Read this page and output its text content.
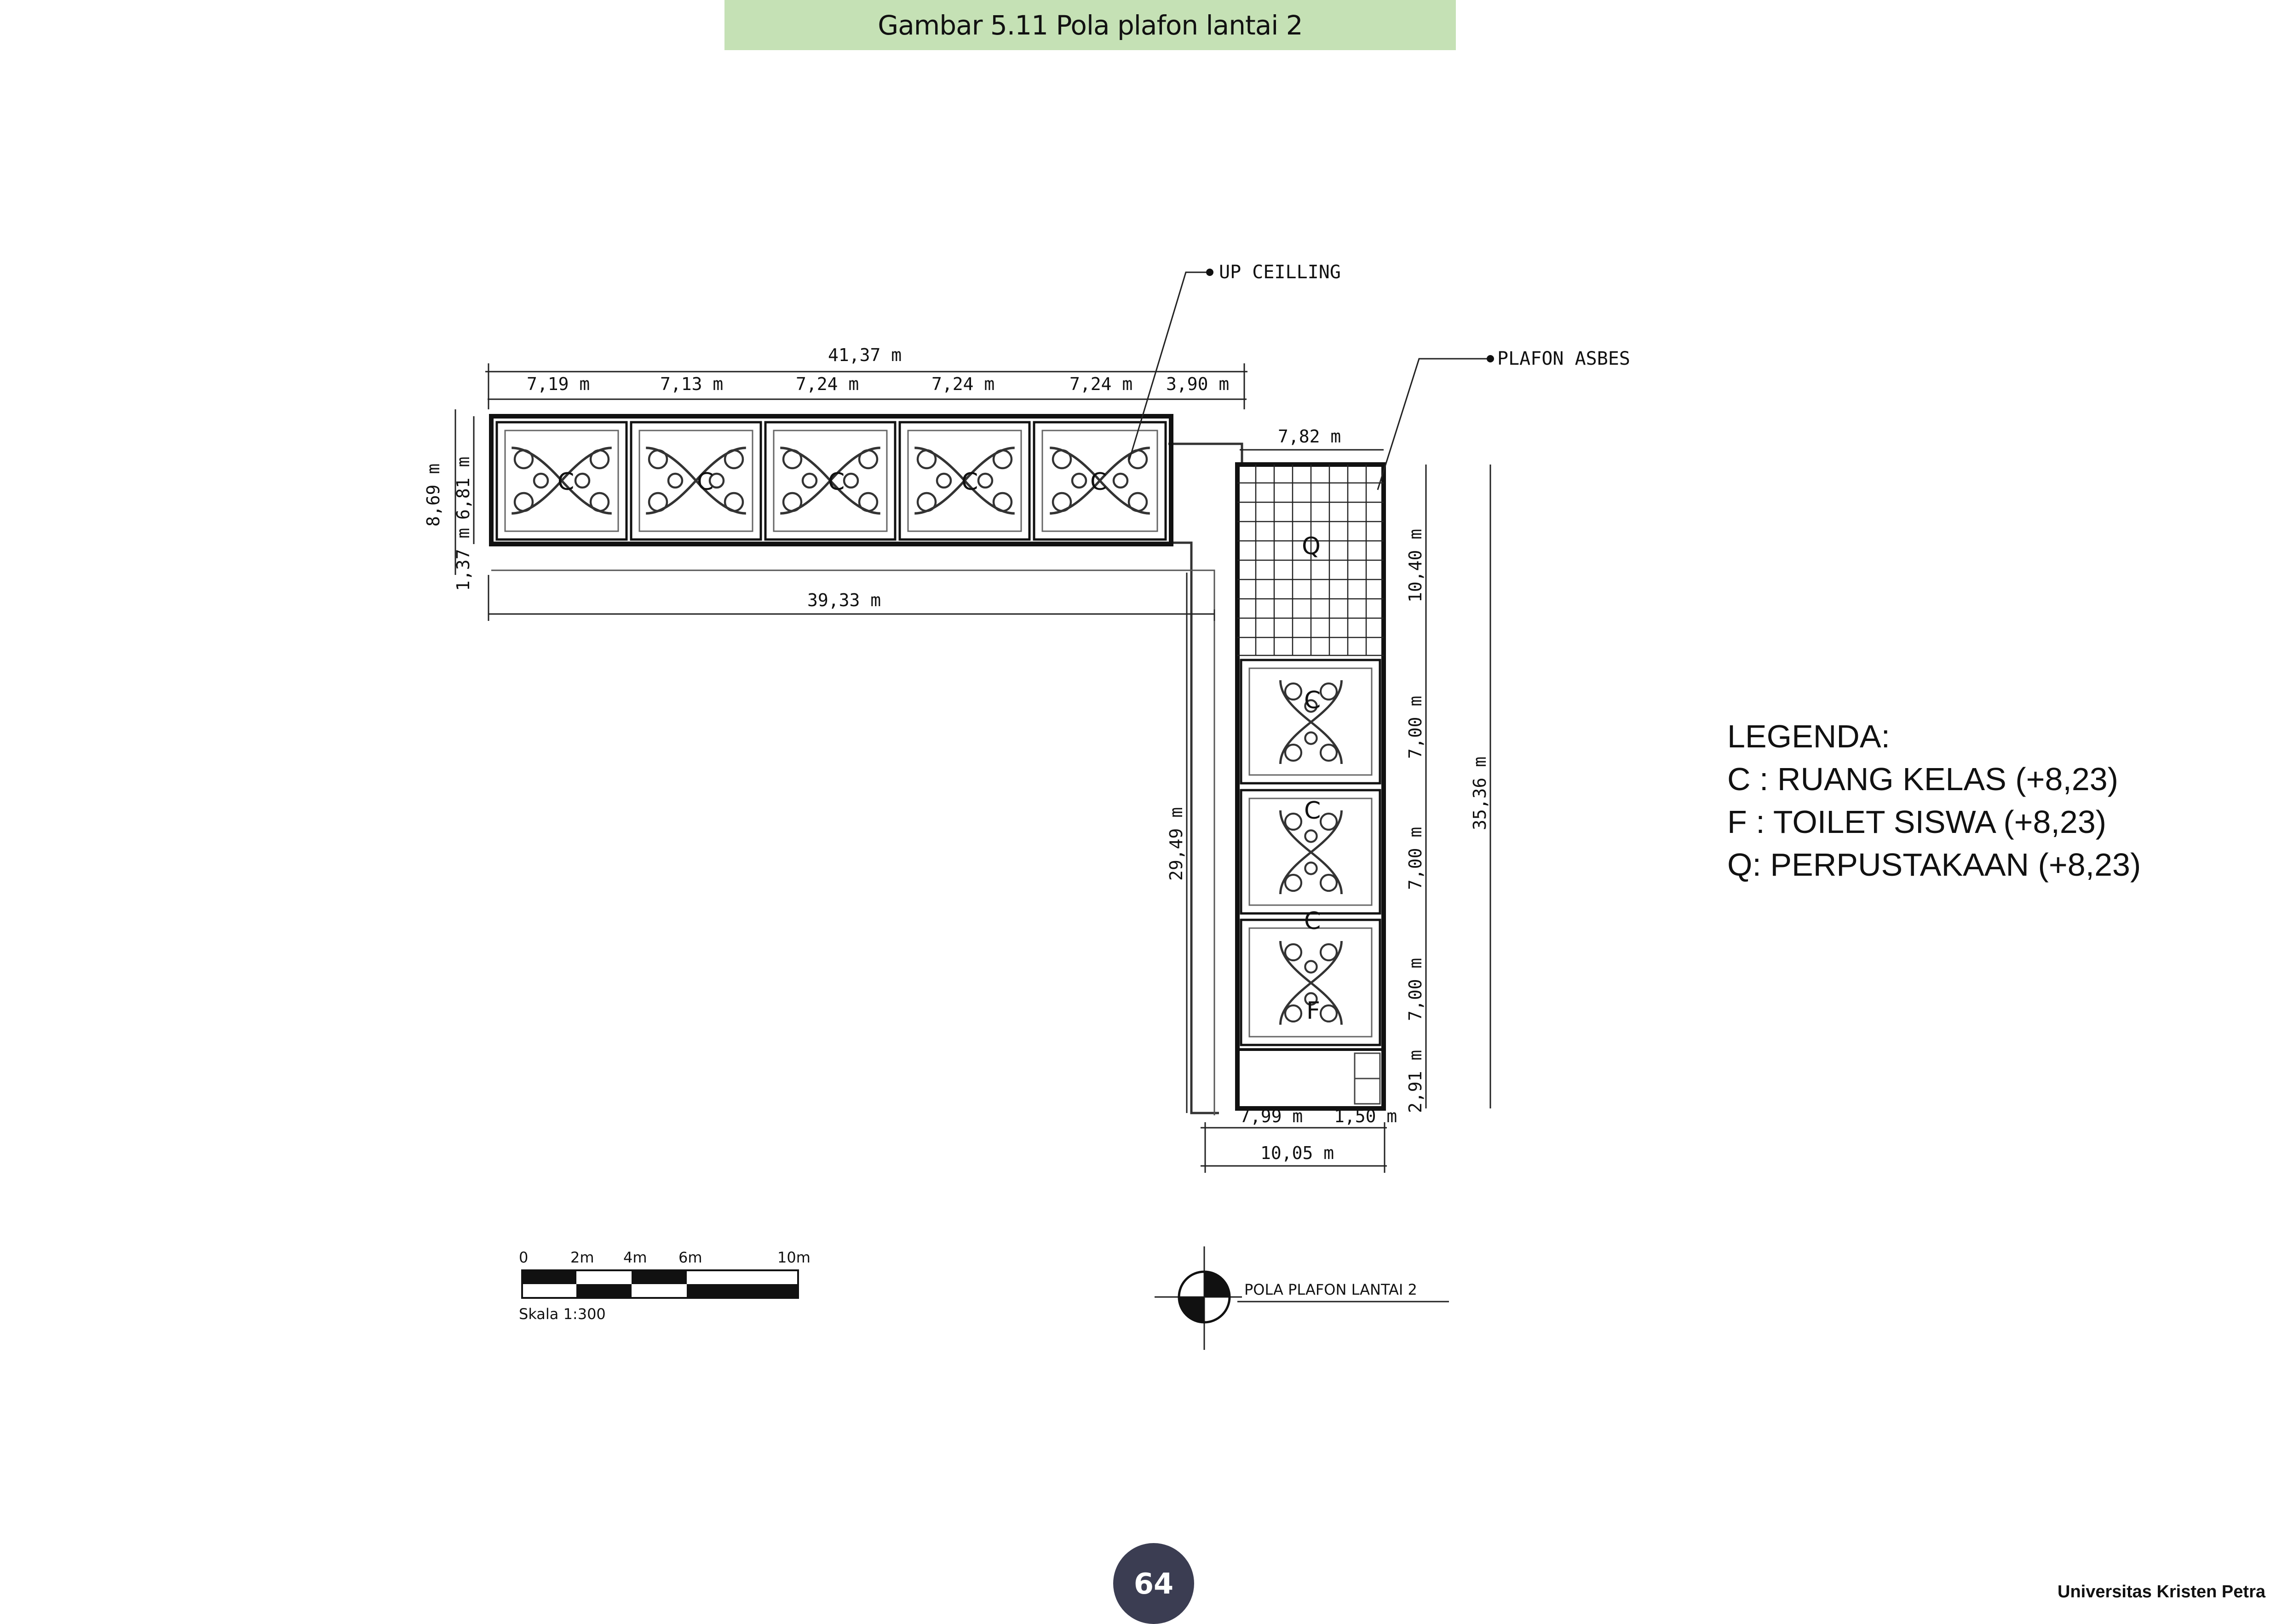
Gambar 5.11 Pola plafon lantai 2
C	C	C	C	C
Q
C
C
C
F
UP CEILLING
PLAFON ASBES
41,37 m
7,19 m	7,13 m	7,24 m	7,24 m	7,24 m 3,90 m
39,33 m
7,82 m
8,69 m 6,81 m
1,37 m	10,40 m
7,00 m
7,00 m
7,00 m
2,91 m
35,36 m
29,49 m
7,99 m 1,50 m
10,05 m
0	2m 4m 6m	10m
Skala 1:300
POLA PLAFON LANTAI 2
LEGENDA:
C : RUANG KELAS (+8,23)
F : TOILET SISWA (+8,23)
Q: PERPUSTAKAAN (+8,23)
64	Universitas Kristen Petra
